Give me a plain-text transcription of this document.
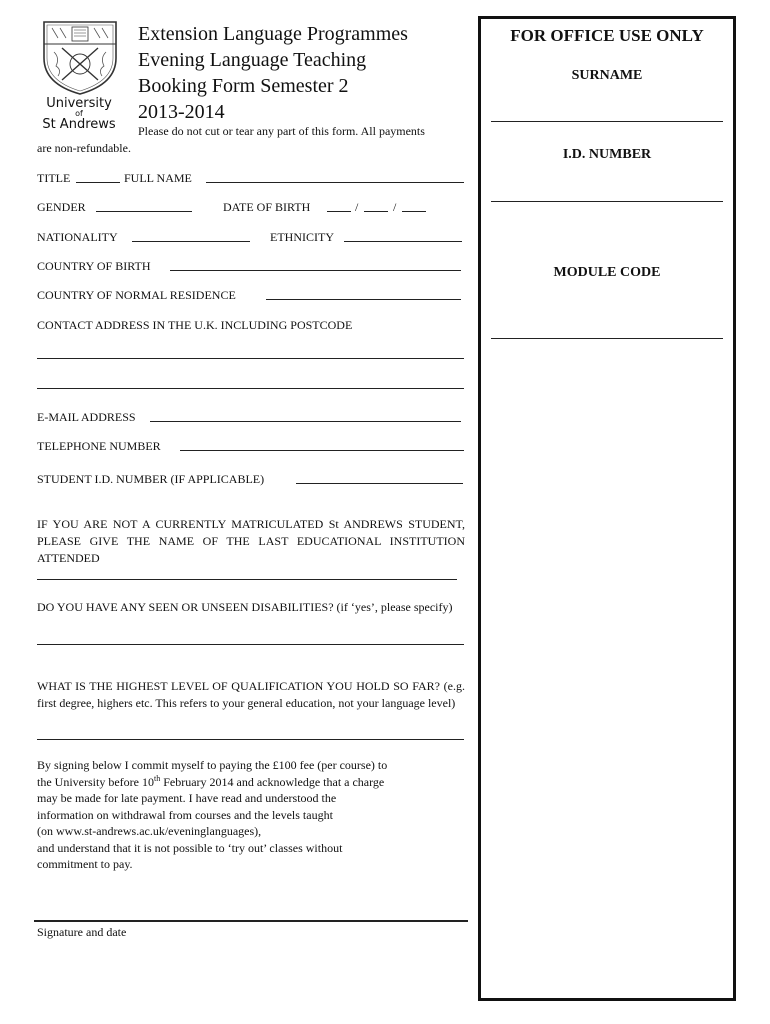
University
of
St Andrews
Extension Language Programmes
Evening Language Teaching
Booking Form Semester 2
2013-2014
Please do not cut or tear any part of this form. All payments are non-refundable.
TITLE	FULL NAME
GENDER	DATE OF BIRTH	/	/
NATIONALITY	ETHNICITY
COUNTRY OF BIRTH
COUNTRY OF NORMAL RESIDENCE
CONTACT ADDRESS IN THE U.K. INCLUDING POSTCODE
E-MAIL ADDRESS
TELEPHONE NUMBER
STUDENT I.D. NUMBER (IF APPLICABLE)
IF YOU ARE NOT A CURRENTLY MATRICULATED St ANDREWS STUDENT, PLEASE GIVE THE NAME OF THE LAST EDUCATIONAL INSTITUTION ATTENDED
DO YOU HAVE ANY SEEN OR UNSEEN DISABILITIES? (if ‘yes’, please specify)
WHAT IS THE HIGHEST LEVEL OF QUALIFICATION YOU HOLD SO FAR? (e.g. first degree, highers etc. This refers to your general education, not your language level)
By signing below I commit myself to paying the £100 fee (per course) to
the University before 10th February 2014 and acknowledge that a charge
may be made for late payment. I have read and understood the
information on withdrawal from courses and the levels taught
(on www.st-andrews.ac.uk/eveninglanguages),
and understand that it is not possible to ‘try out’ classes without
commitment to pay.
Signature and date
FOR OFFICE USE ONLY
SURNAME
I.D. NUMBER
MODULE CODE
